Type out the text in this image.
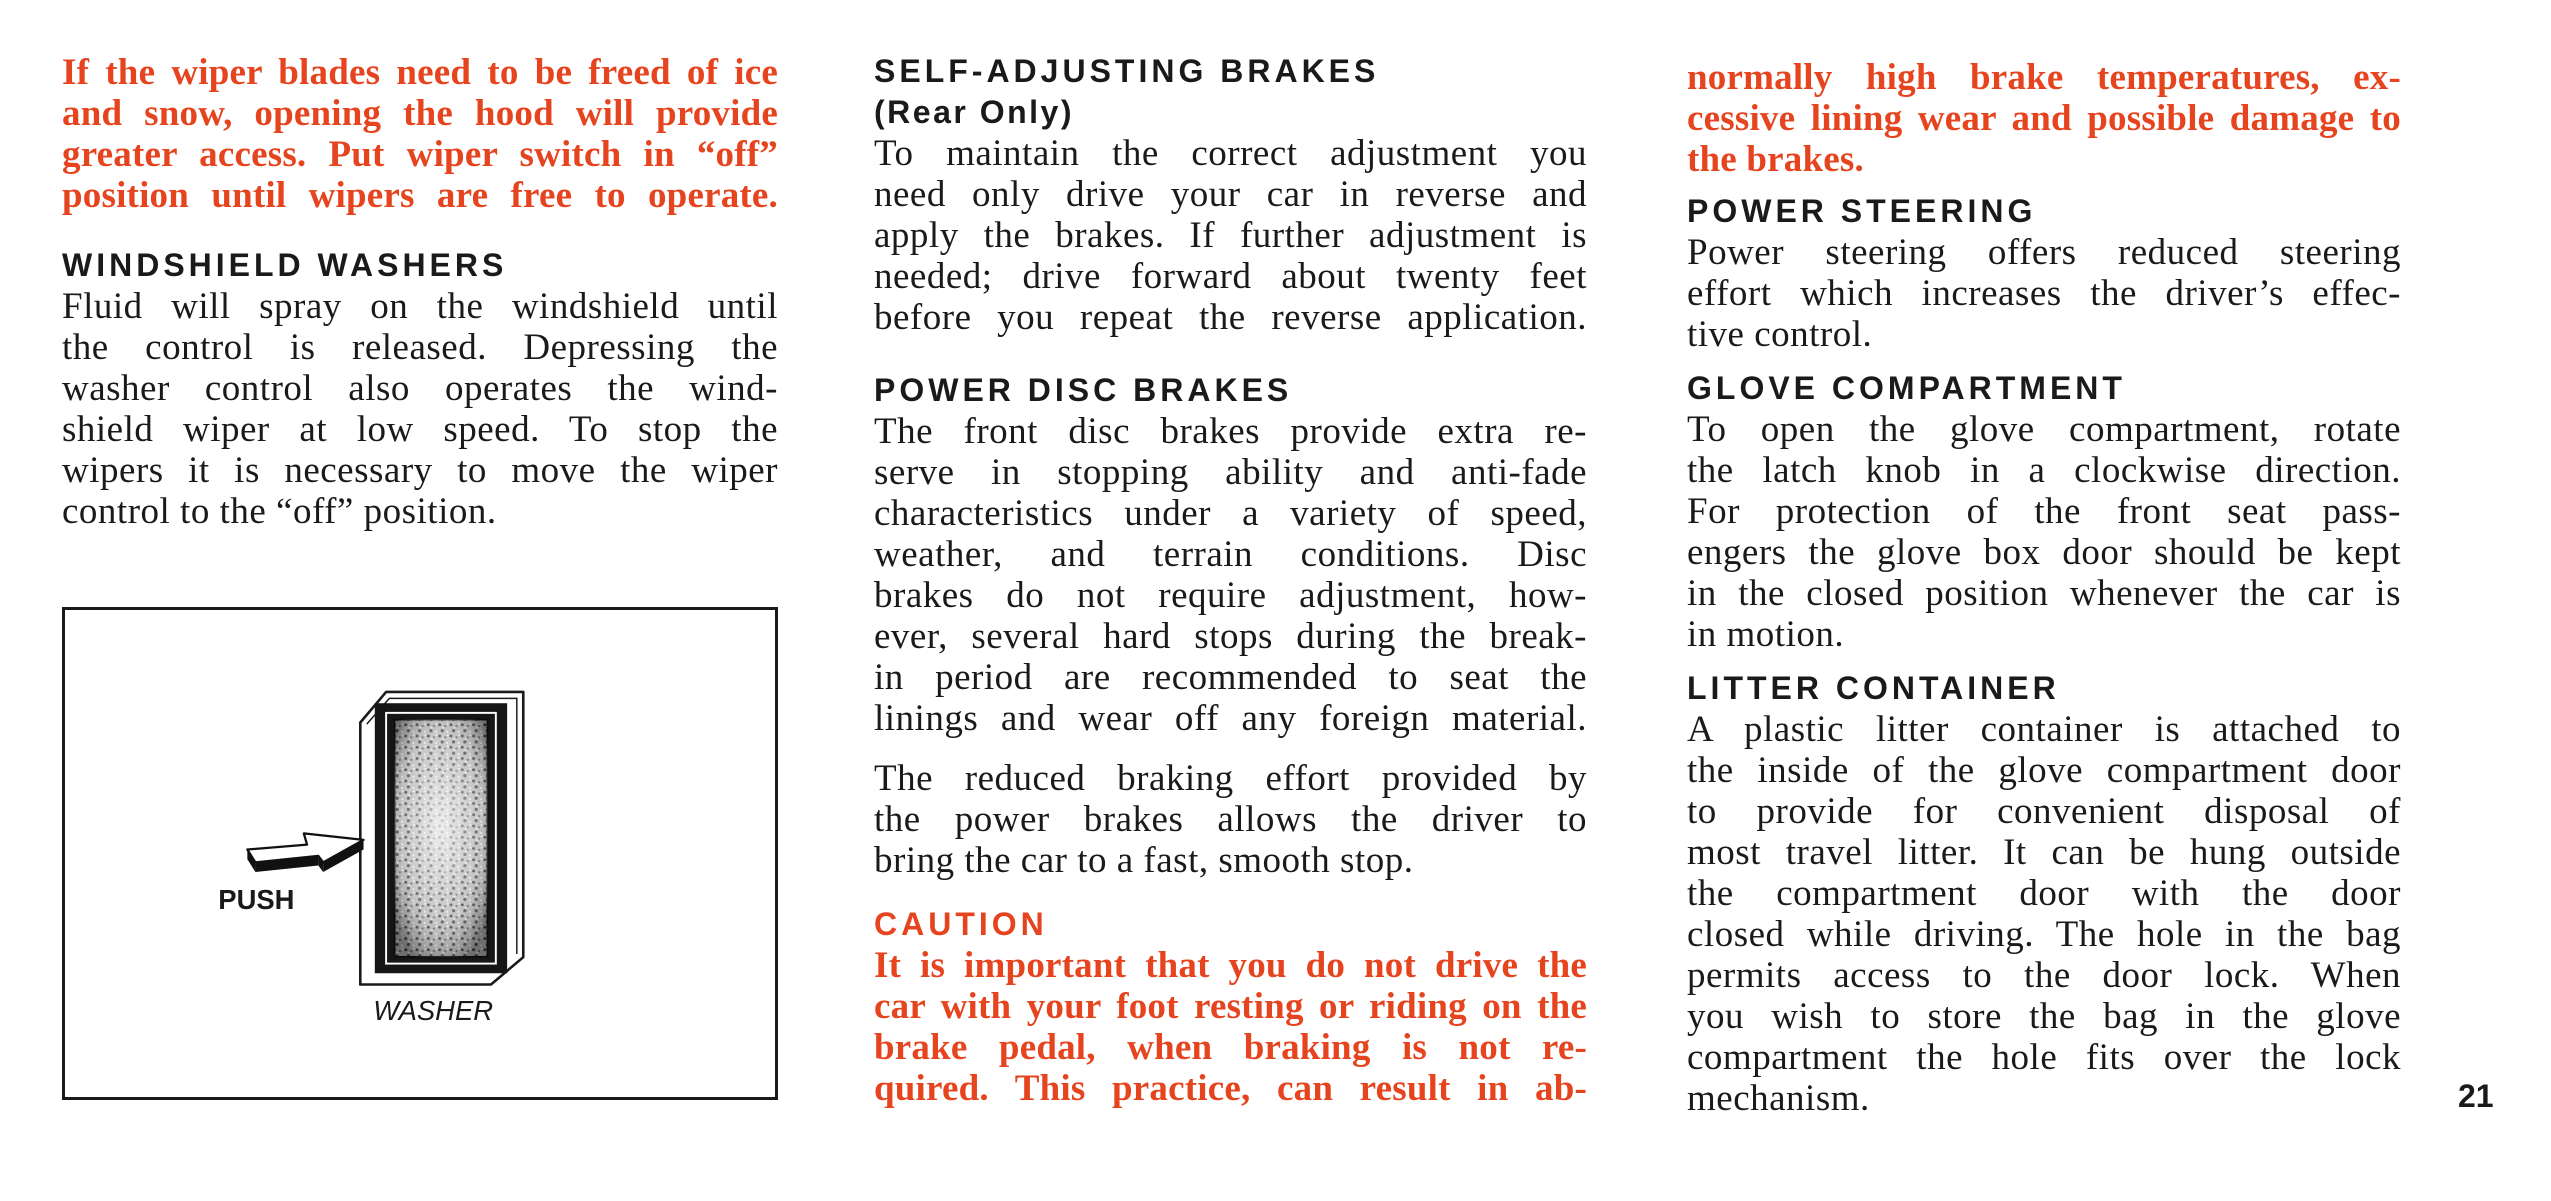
If the wiper blades need to be freed of ice
and snow, opening the hood will provide
greater access. Put wiper switch in “off”
position until wipers are free to operate.
WINDSHIELD WASHERS
Fluid will spray on the windshield until
the control is released. Depressing the
washer control also operates the wind-
shield wiper at low speed. To stop the
wipers it is necessary to move the wiper
control to the “off” position.
PUSH
WASHER
SELF-ADJUSTING BRAKES
(Rear Only)
To maintain the correct adjustment you
need only drive your car in reverse and
apply the brakes. If further adjustment is
needed; drive forward about twenty feet
before you repeat the reverse application.
POWER DISC BRAKES
The front disc brakes provide extra re-
serve in stopping ability and anti-fade
characteristics under a variety of speed,
weather, and terrain conditions. Disc
brakes do not require adjustment, how-
ever, several hard stops during the break-
in period are recommended to seat the
linings and wear off any foreign material.
The reduced braking effort provided by
the power brakes allows the driver to
bring the car to a fast, smooth stop.
CAUTION
It is important that you do not drive the
car with your foot resting or riding on the
brake pedal, when braking is not re-
quired. This practice, can result in ab-
normally high brake temperatures, ex-
cessive lining wear and possible damage to
the brakes.
POWER STEERING
Power steering offers reduced steering
effort which increases the driver’s effec-
tive control.
GLOVE COMPARTMENT
To open the glove compartment, rotate
the latch knob in a clockwise direction.
For protection of the front seat pass-
engers the glove box door should be kept
in the closed position whenever the car is
in motion.
LITTER CONTAINER
A plastic litter container is attached to
the inside of the glove compartment door
to provide for convenient disposal of
most travel litter. It can be hung outside
the compartment door with the door
closed while driving. The hole in the bag
permits access to the door lock. When
you wish to store the bag in the glove
compartment the hole fits over the lock
mechanism.	21
